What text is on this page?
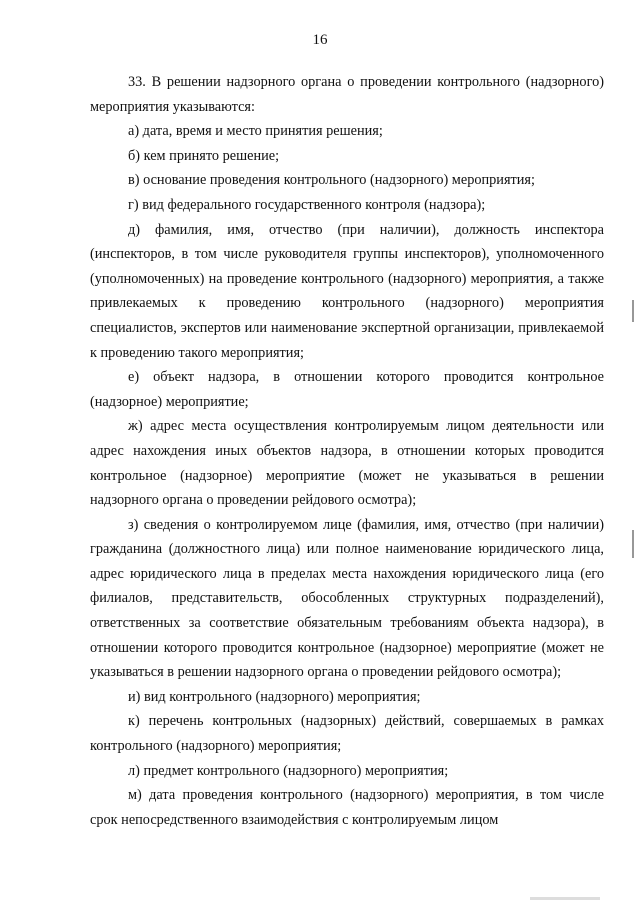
16

33. В решении надзорного органа о проведении контрольного (надзорного) мероприятия указываются:

а) дата, время и место принятия решения;

б) кем принято решение;

в) основание проведения контрольного (надзорного) мероприятия;

г) вид федерального государственного контроля (надзора);

д) фамилия, имя, отчество (при наличии), должность инспектора (инспекторов, в том числе руководителя группы инспекторов), уполномоченного (уполномоченных) на проведение контрольного (надзорного) мероприятия, а также привлекаемых к проведению контрольного (надзорного) мероприятия специалистов, экспертов или наименование экспертной организации, привлекаемой к проведению такого мероприятия;

е) объект надзора, в отношении которого проводится контрольное (надзорное) мероприятие;

ж) адрес места осуществления контролируемым лицом деятельности или адрес нахождения иных объектов надзора, в отношении которых проводится контрольное (надзорное) мероприятие (может не указываться в решении надзорного органа о проведении рейдового осмотра);

з) сведения о контролируемом лице (фамилия, имя, отчество (при наличии) гражданина (должностного лица) или полное наименование юридического лица, адрес юридического лица в пределах места нахождения юридического лица (его филиалов, представительств, обособленных структурных подразделений), ответственных за соответствие обязательным требованиям объекта надзора), в отношении которого проводится контрольное (надзорное) мероприятие (может не указываться в решении надзорного органа о проведении рейдового осмотра);

и) вид контрольного (надзорного) мероприятия;

к) перечень контрольных (надзорных) действий, совершаемых в рамках контрольного (надзорного) мероприятия;

л) предмет контрольного (надзорного) мероприятия;

м) дата проведения контрольного (надзорного) мероприятия, в том числе срок непосредственного взаимодействия с контролируемым лицом
